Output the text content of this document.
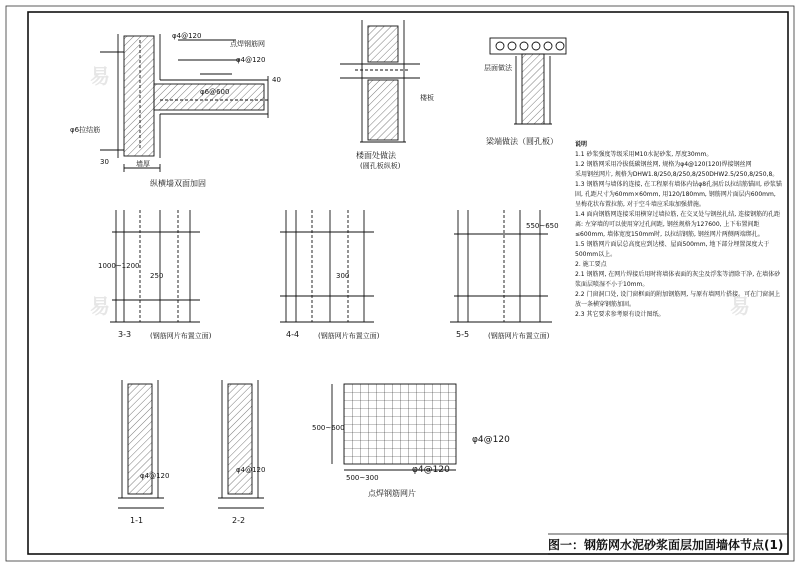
易
易	易
纵横墙双面加固
楼面处做法
(圆孔板纵板)
梁端做法（圆孔板）
3-3	(钢筋网片布置立面)	4-4	(钢筋网片布置立面)	5-5	(钢筋网片布置立面)
1-1	2-2
点焊钢筋网片
φ4@120
φ4@120
φ4@120
φ4@120
φ4@120
φ4@120
墙厚
φ6拉结筋
点焊钢筋网
φ6@600
层面做法
楼板
30
40
1000~1200
250	300
550~650
500~600
500~300
说明
1.1 砂浆强度等级采用M10水泥砂浆, 厚度30mm。
1.2 钢筋网采用冷拔低碳钢丝网, 规格为φ4@120(120)焊接钢丝网
采用钢丝网片, 规格为DHW1.8/250,8/250,8/250DHW2.5/250,8/250,8。
1.3 钢筋网与墙体的连接, 在工程原有墙体内钻φ8孔洞后以拉结筋锚固, 砂浆锚固, 孔距尺寸为60mm×60mm, 用120/180mm, 钢筋网片面层内600mm, 呈梅花状布置拉筋, 对于空斗墙应采取加强措施。
1.4 面向钢筋网连接采用横穿过墙拉筋, 在交叉处与钢丝扎结, 连接钢筋的孔距离: 左穿墙的可以使用穿过孔间距, 钢丝规格为127600, 上下布置间距≤600mm, 墙体宽度150mm时, 以拉结钢筋, 钢丝网片两侧两端绑扎。
1.5 钢筋网片面层总高度应到达楼、屋面500mm, 地下部分埋置深度大于500mm以上。
2. 施工要点
2.1 钢筋网, 在网片焊接后用时将墙体表面的灰尘及浮浆等清除干净, 在墙体砂浆面层喷湿不小于10mm。
2.2 门窗洞口处, 设门窗框面的附加钢筋网, 与原有墙网片搭接。可在门窗洞上放一条横穿钢筋加固。
2.3 其它要求参考原有设计图纸。
图一：钢筋网水泥砂浆面层加固墙体节点(1)
